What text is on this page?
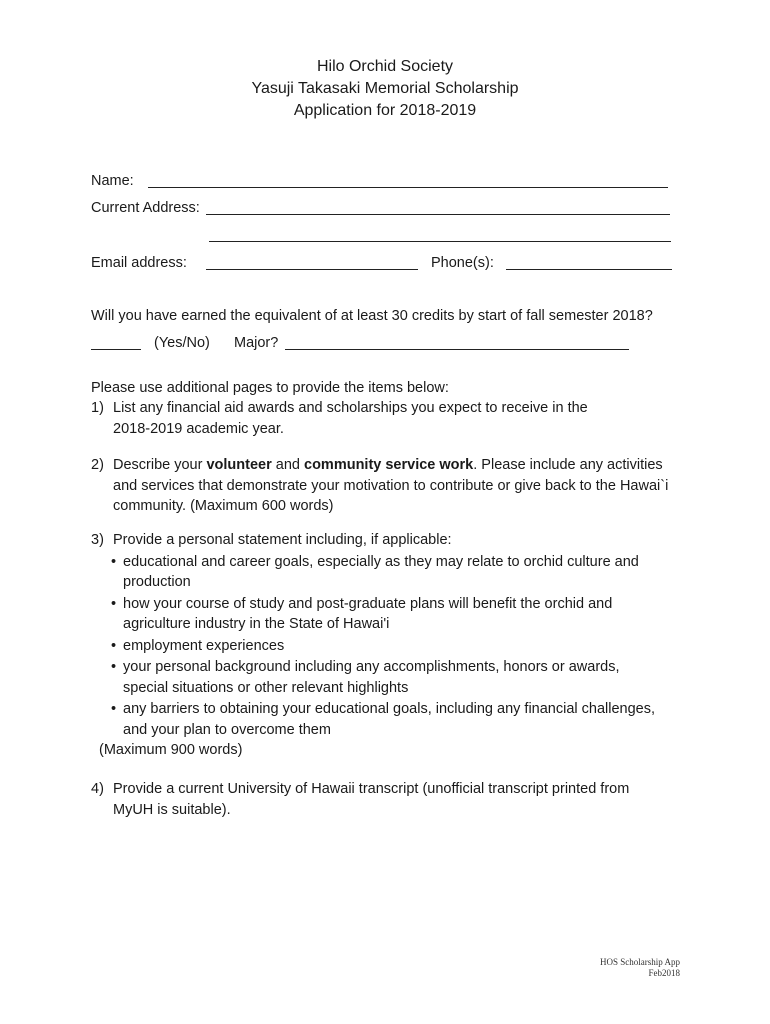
Hilo Orchid Society
Yasuji Takasaki Memorial Scholarship
Application for 2018-2019
Name:
Current Address:
Email address:	Phone(s):
Will you have earned the equivalent of at least 30 credits by start of fall semester 2018?
(Yes/No) Major?
Please use additional pages to provide the items below:
1) List any financial aid awards and scholarships you expect to receive in the 2018-2019 academic year.
2) Describe your volunteer and community service work. Please include any activities and services that demonstrate your motivation to contribute or give back to the Hawai`i community. (Maximum 600 words)
3) Provide a personal statement including, if applicable:
• educational and career goals, especially as they may relate to orchid culture and production
• how your course of study and post-graduate plans will benefit the orchid and agriculture industry in the State of Hawai'i
• employment experiences
• your personal background including any accomplishments, honors or awards, special situations or other relevant highlights
• any barriers to obtaining your educational goals, including any financial challenges, and your plan to overcome them
(Maximum 900 words)
4) Provide a current University of Hawaii transcript (unofficial transcript printed from MyUH is suitable).
HOS Scholarship App
Feb2018
